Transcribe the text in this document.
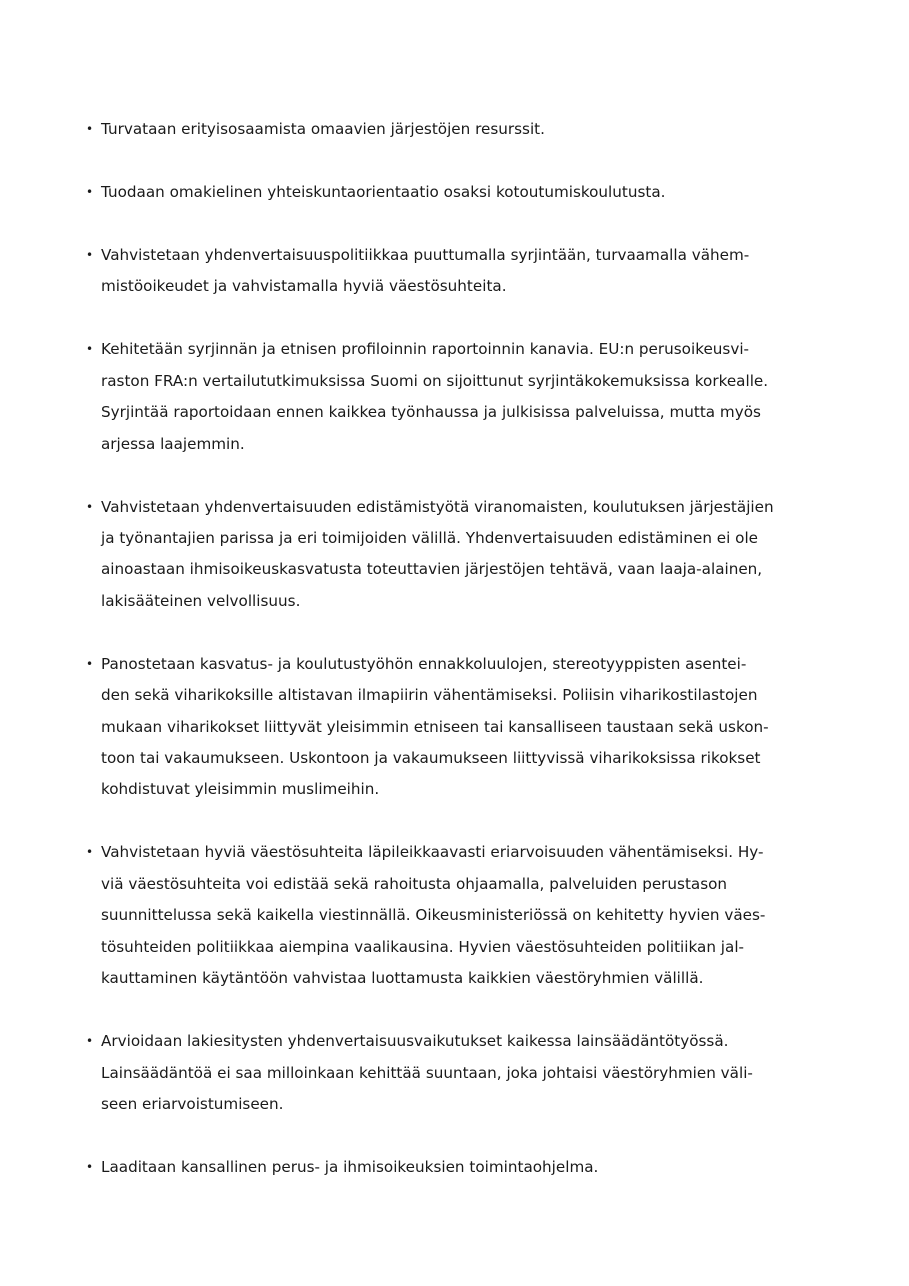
• Turvataan erityisosaamista omaavien järjestöjen resurssit.
• Tuodaan omakielinen yhteiskuntaorientaatio osaksi kotoutumiskoulutusta.
• Vahvistetaan yhdenvertaisuuspolitiikkaa puuttumalla syrjintään, turvaamalla vähem-
mistöoikeudet ja vahvistamalla hyviä väestösuhteita.
• Kehitetään syrjinnän ja etnisen profiloinnin raportoinnin kanavia. EU:n perusoikeusvi-
raston FRA:n vertailututkimuksissa Suomi on sijoittunut syrjintäkokemuksissa korkealle.
Syrjintää raportoidaan ennen kaikkea työnhaussa ja julkisissa palveluissa, mutta myös
arjessa laajemmin.
• Vahvistetaan yhdenvertaisuuden edistämistyötä viranomaisten, koulutuksen järjestäjien
ja työnantajien parissa ja eri toimijoiden välillä. Yhdenvertaisuuden edistäminen ei ole
ainoastaan ihmisoikeuskasvatusta toteuttavien järjestöjen tehtävä, vaan laaja-alainen,
lakisääteinen velvollisuus.
• Panostetaan kasvatus- ja koulutustyöhön ennakkoluulojen, stereotyyppisten asentei-
den sekä viharikoksille altistavan ilmapiirin vähentämiseksi. Poliisin viharikostilastojen
mukaan viharikokset liittyvät yleisimmin etniseen tai kansalliseen taustaan sekä uskon-
toon tai vakaumukseen. Uskontoon ja vakaumukseen liittyvissä viharikoksissa rikokset
kohdistuvat yleisimmin muslimeihin.
• Vahvistetaan hyviä väestösuhteita läpileikkaavasti eriarvoisuuden vähentämiseksi. Hy-
viä väestösuhteita voi edistää sekä rahoitusta ohjaamalla, palveluiden perustason
suunnittelussa sekä kaikella viestinnällä. Oikeusministeriössä on kehitetty hyvien väes-
tösuhteiden politiikkaa aiempina vaalikausina. Hyvien väestösuhteiden politiikan jal-
kauttaminen käytäntöön vahvistaa luottamusta kaikkien väestöryhmien välillä.
• Arvioidaan lakiesitysten yhdenvertaisuusvaikutukset kaikessa lainsäädäntötyössä.
Lainsäädäntöä ei saa milloinkaan kehittää suuntaan, joka johtaisi väestöryhmien väli-
seen eriarvoistumiseen.
• Laaditaan kansallinen perus- ja ihmisoikeuksien toimintaohjelma.
